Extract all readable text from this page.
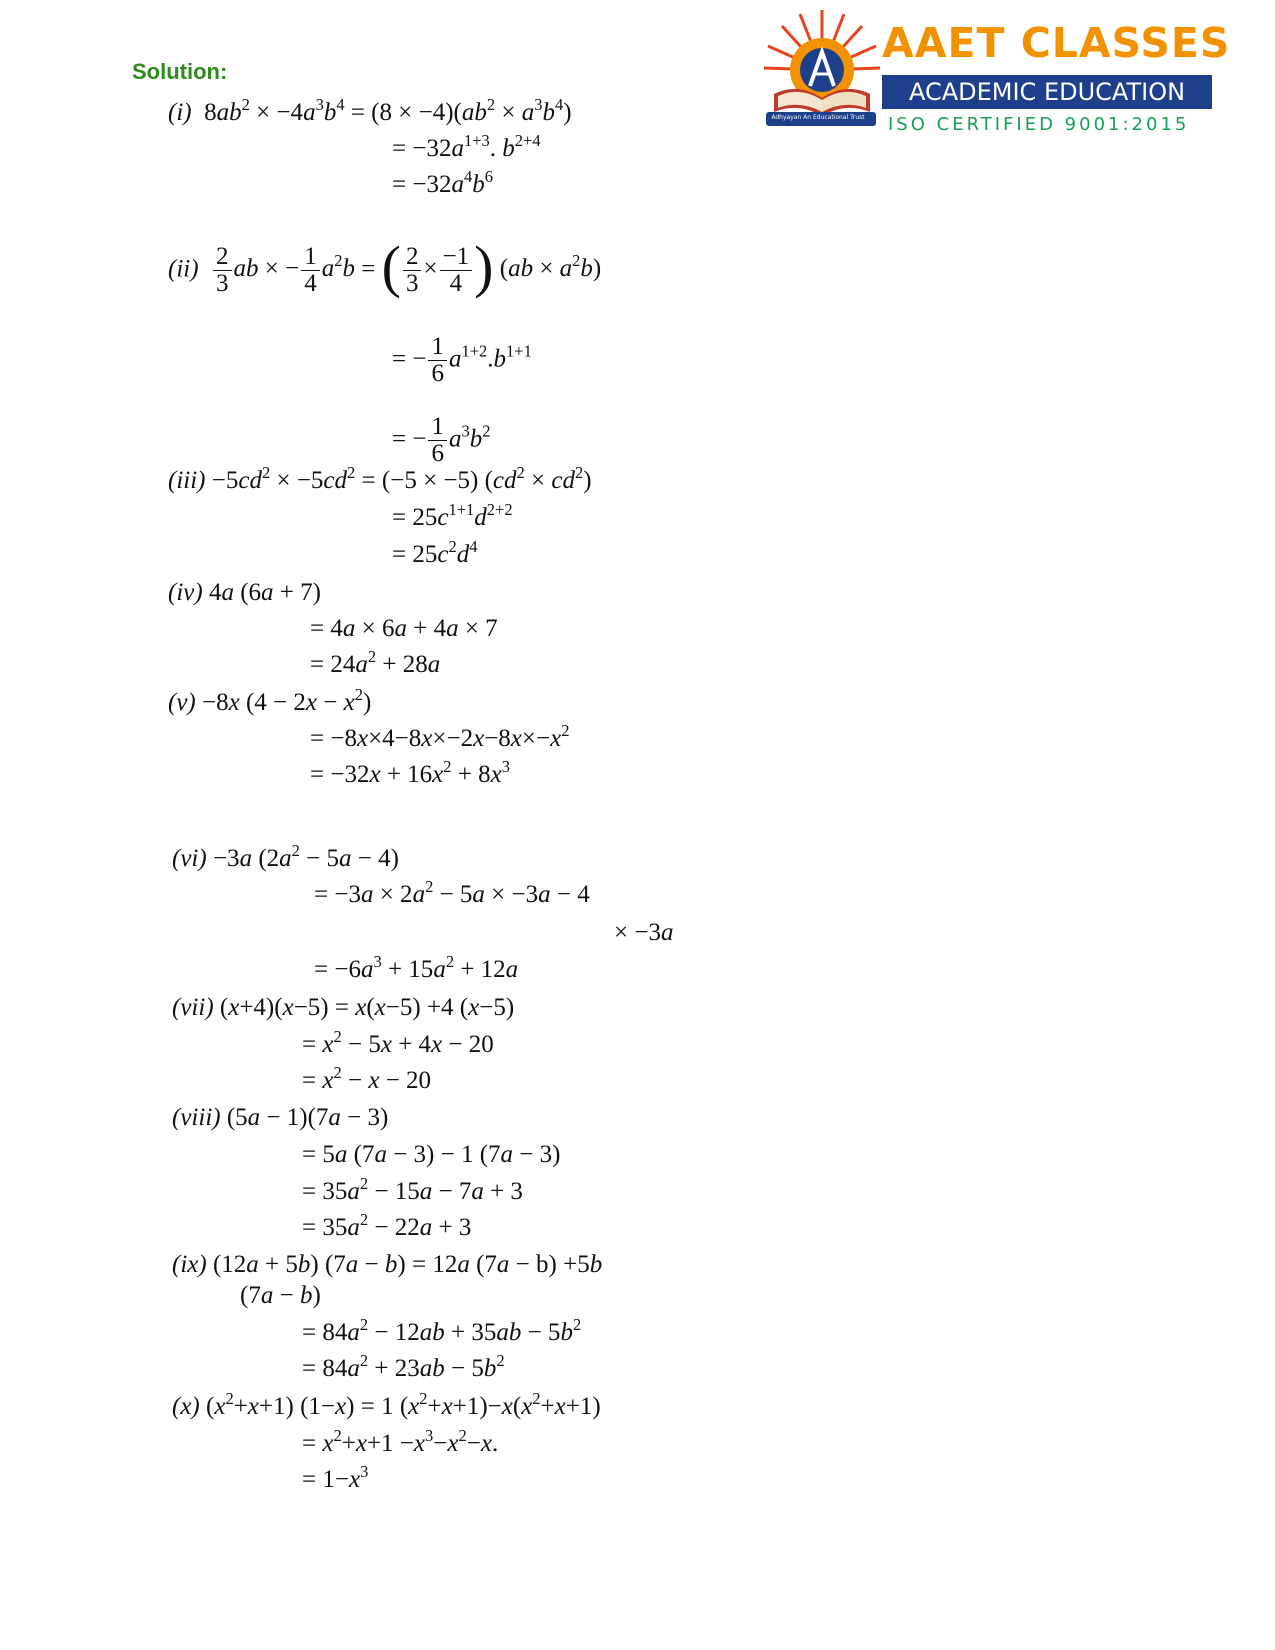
Solution:
Adhyayan An Educational Trust
AAET CLASSES
ACADEMIC EDUCATION
ISO CERTIFIED 9001:2015
(i) $8ab^2 \times -4a^3b^4 = (8 \times -4)(ab^2 \times a^3b^4)$
= $-32a^{1+3}$. $b^{2+4}$
= $-32a^4b^6$
$(ii) \frac{2}{3}$ ab × − $\frac{1}{4} a^2b$ = ( $\frac{2}{3} \times \frac{-1}{4}$ ) $(ab \times a^2b)$
= − $\frac{1}{6} a^{1+2}.b^{1+1}$
= − $\frac{1}{6} a^3b^2$
$(iii) -5cd^2 \times -5cd^2 = (-5 \times -5) (cd^2 \times cd^2)$
= $25c^{1+1}d^{2+2}$
= $25c^2d^4$
(iv) 4a (6a + 7)
= 4a × 6a + 4a × 7
= $24a^2 + 28a$
(v) −8x $(4 - 2x - x^2)$
= $-8x\times 4-8x\times-2x-8x\times-x^2$
= $-32x + 16x^2 + 8x^3$
(vi) −3a $(2a^2 - 5a - 4)$
= $-3a \times 2a^2 - 5a \times -3a - 4$
× −3a
= $-6a^3 + 15a^2 + 12a$
(vii) (x+4)(x−5) = x(x−5) +4 (x−5)
= $x^2 - 5x + 4x - 20$
= $x^2 - x - 20$
(viii) (5a − 1)(7a − 3)
= 5a (7a − 3) − 1 (7a − 3)
= $35a^2 - 15a - 7a + 3$
= $35a^2 - 22a + 3$
(ix) (12a + 5b) (7a − b) = 12a (7a − b) +5b
(7a − b)
= $84a^2 - 12ab + 35ab - 5b^2$
= $84a^2 + 23ab - 5b^2$
(x) $(x^2+x+1) (1-x) = 1$ $(x^2+x+1)-x(x^2+x+1)$
= $x^2+x+1 -x^3-x^2-x$.
= $1-x^3$
